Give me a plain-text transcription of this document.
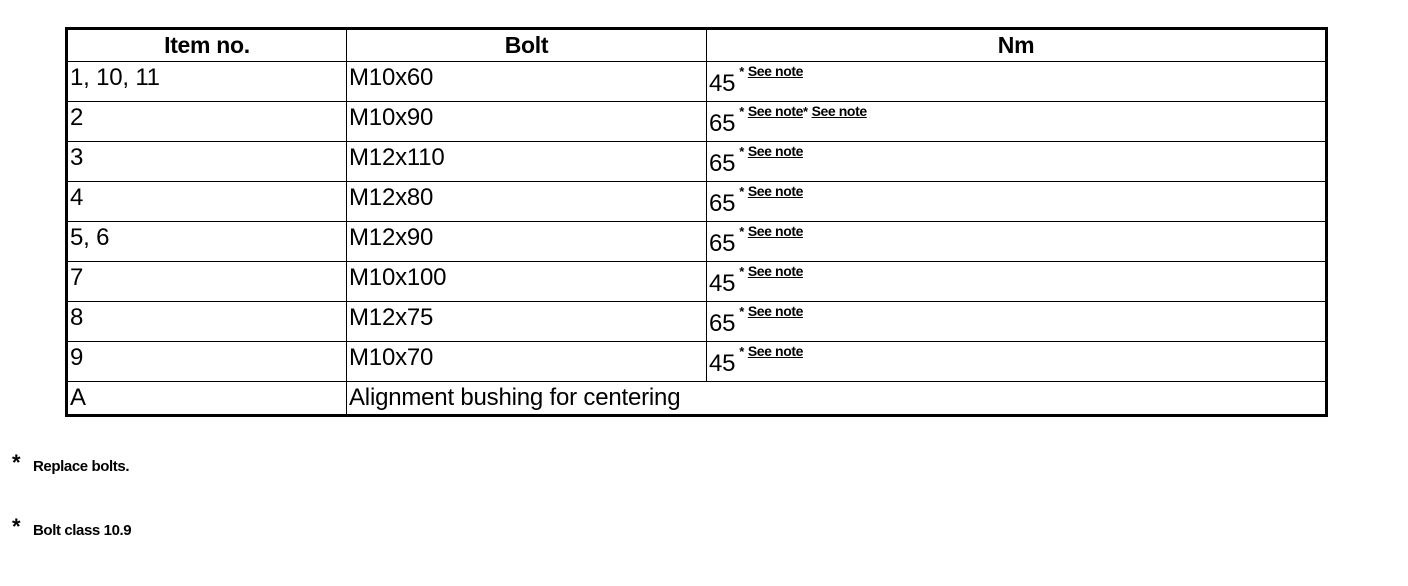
Item no.	Bolt	Nm
1, 10, 11	M10x60	45 * See note
2	M10x90	65 * See note* See note
3	M12x110	65 * See note
4	M12x80	65 * See note
5, 6	M12x90	65 * See note
7	M10x100	45 * See note
8	M12x75	65 * See note
9	M10x70	45 * See note
A	Alignment bushing for centering	
* Replace bolts.
* Bolt class 10.9
